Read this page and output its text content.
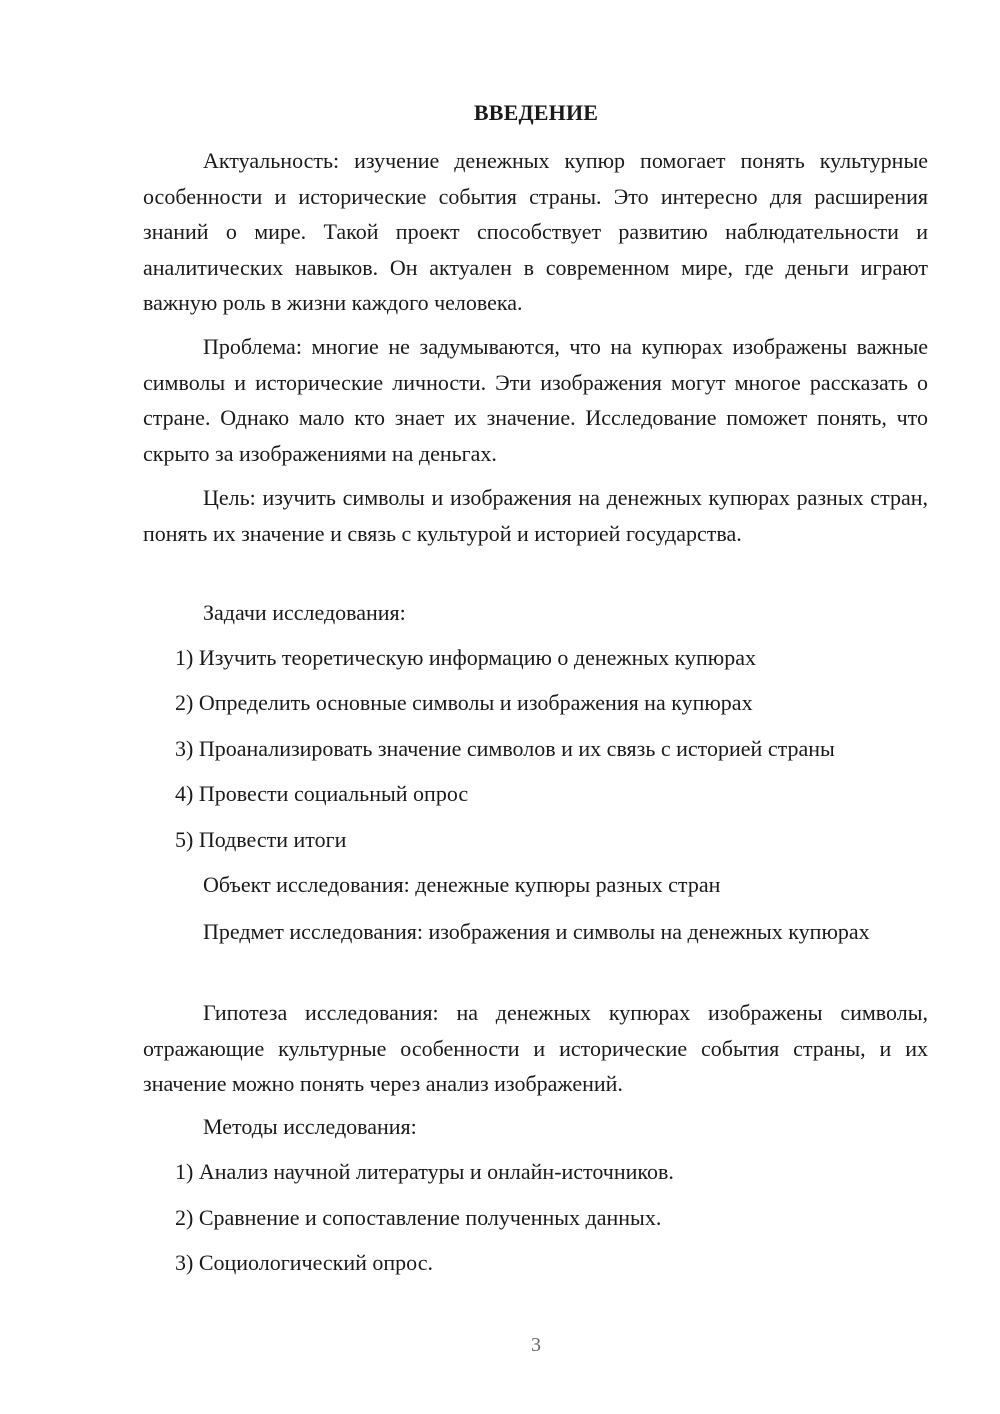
ВВЕДЕНИЕ

Актуальность: изучение денежных купюр помогает понять культурные особенности и исторические события страны. Это интересно для расширения знаний о мире. Такой проект способствует развитию наблюдательности и аналитических навыков. Он актуален в современном мире, где деньги играют важную роль в жизни каждого человека.

Проблема: многие не задумываются, что на купюрах изображены важные символы и исторические личности. Эти изображения могут многое рассказать о стране. Однако мало кто знает их значение. Исследование поможет понять, что скрыто за изображениями на деньгах.

Цель: изучить символы и изображения на денежных купюрах разных стран, понять их значение и связь с культурой и историей государства.

Задачи исследования:
1) Изучить теоретическую информацию о денежных купюрах
2) Определить основные символы и изображения на купюрах
3) Проанализировать значение символов и их связь с историей страны
4) Провести социальный опрос
5) Подвести итоги
Объект исследования: денежные купюры разных стран

Предмет исследования: изображения и символы на денежных купюрах

Гипотеза исследования: на денежных купюрах изображены символы, отражающие культурные особенности и исторические события страны, и их значение можно понять через анализ изображений.

Методы исследования:
1) Анализ научной литературы и онлайн-источников.
2) Сравнение и сопоставление полученных данных.
3) Социологический опрос.
3
